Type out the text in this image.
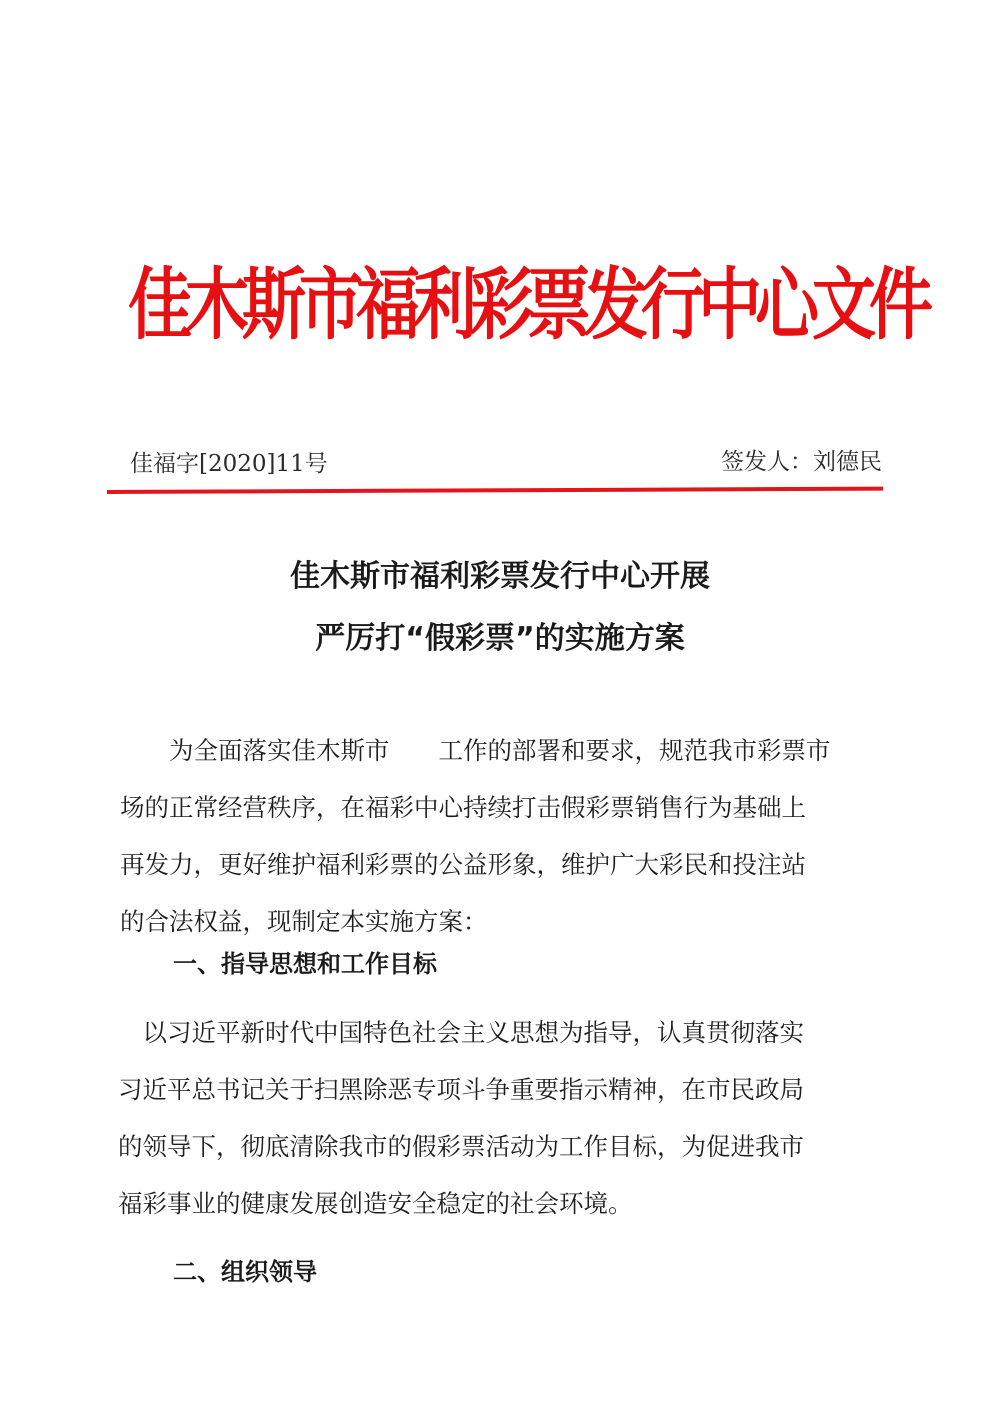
佳木斯市福利彩票发行中心文件
佳福字[2020]11号	签发人：刘德民
佳木斯市福利彩票发行中心开展
严厉打“假彩票”的实施方案
　　为全面落实佳木斯市　　工作的部署和要求，规范我市彩票市
场的正常经营秩序，在福彩中心持续打击假彩票销售行为基础上
再发力，更好维护福利彩票的公益形象，维护广大彩民和投注站
的合法权益，现制定本实施方案：
一、指导思想和工作目标
　以习近平新时代中国特色社会主义思想为指导，认真贯彻落实
习近平总书记关于扫黑除恶专项斗争重要指示精神，在市民政局
的领导下，彻底清除我市的假彩票活动为工作目标，为促进我市
福彩事业的健康发展创造安全稳定的社会环境。
二、组织领导
